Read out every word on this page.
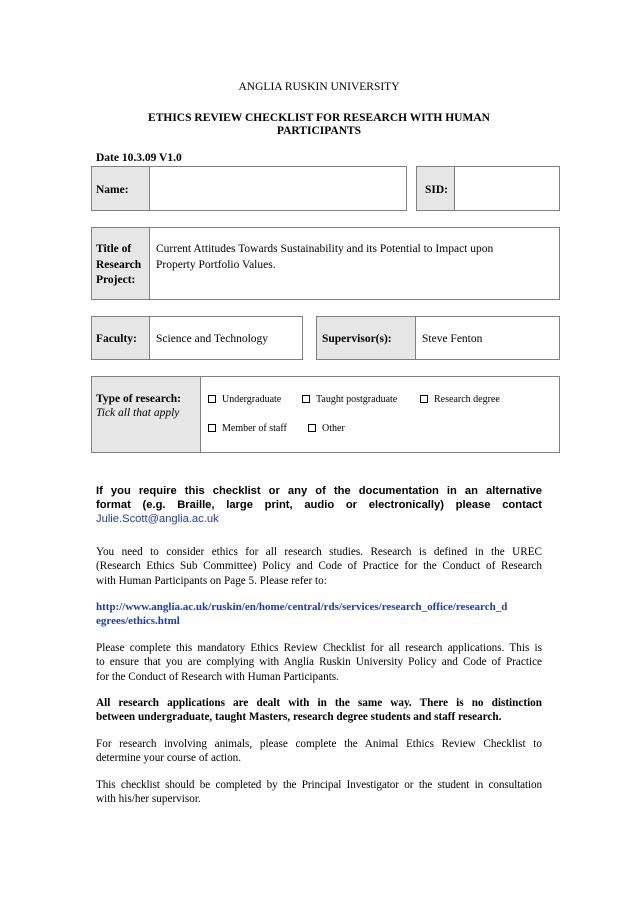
ANGLIA RUSKIN UNIVERSITY
ETHICS REVIEW CHECKLIST FOR RESEARCH WITH HUMAN
PARTICIPANTS
Date 10.3.09 V1.0
Name:			SID:

Title of
Research
Project:

Current Attitudes Towards Sustainability and its Potential to Impact upon
Property Portfolio Values.
Faculty:	Science and Technology	Supervisor(s):	Steve Fenton
Type of research:
Tick all that apply

Undergraduate	Taught postgraduate	Research degree
Member of staff	Other
If you require this checklist or any of the documentation in an alternative
format (e.g. Braille, large print, audio or electronically) please contact
Julie.Scott@anglia.ac.uk
You need to consider ethics for all research studies. Research is defined in the UREC
(Research Ethics Sub Committee) Policy and Code of Practice for the Conduct of Research
with Human Participants on Page 5. Please refer to:
http://www.anglia.ac.uk/ruskin/en/home/central/rds/services/research_office/research_d
egrees/ethics.html
Please complete this mandatory Ethics Review Checklist for all research applications. This is
to ensure that you are complying with Anglia Ruskin University Policy and Code of Practice
for the Conduct of Research with Human Participants.
All research applications are dealt with in the same way. There is no distinction
between undergraduate, taught Masters, research degree students and staff research.
For research involving animals, please complete the Animal Ethics Review Checklist to
determine your course of action.
This checklist should be completed by the Principal Investigator or the student in consultation
with his/her supervisor.
